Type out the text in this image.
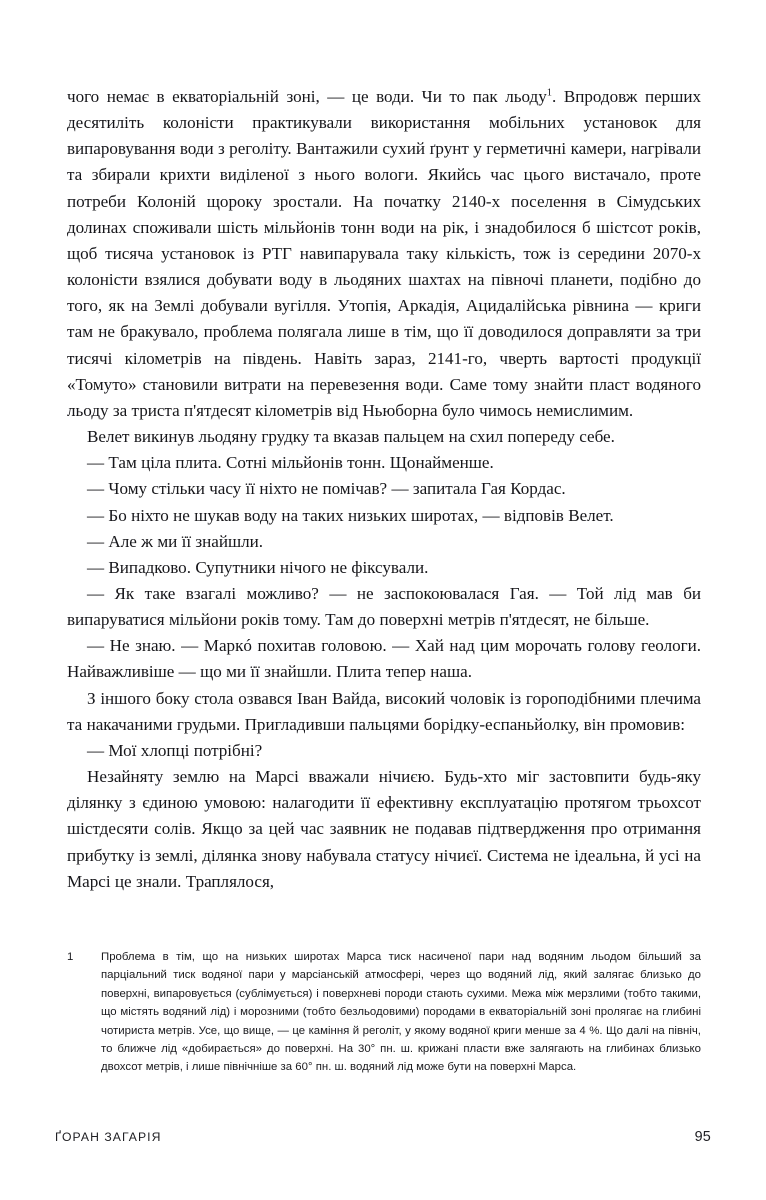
чого немає в екваторіальній зоні, — це води. Чи то пак льоду$^1$. Впродовж перших десятиліть колоністи практикували використання мобільних установок для випаровування води з реголіту. Вантажили сухий ґрунт у герметичні камери, нагрівали та збирали крихти виділеної з нього вологи. Якийсь час цього вистачало, проте потреби Колоній щороку зростали. На початку 2140-х поселення в Сімудських долинах споживали шість мільйонів тонн води на рік, і знадобилося б шістсот років, щоб тисяча установок із РТГ навипарувала таку кількість, тож із середини 2070-х колоністи взялися добувати воду в льодяних шахтах на півночі планети, подібно до того, як на Землі добували вугілля. Утопія, Аркадія, Ацидалійська рівнина — криги там не бракувало, проблема полягала лише в тім, що її доводилося доправляти за три тисячі кілометрів на південь. Навіть зараз, 2141-го, чверть вартості продукції «Томуто» становили витрати на перевезення води. Саме тому знайти пласт водяного льоду за триста п'ятдесят кілометрів від Ньюборна було чимось немислимим.

Велет викинув льодяну грудку та вказав пальцем на схил попереду себе.

— Там ціла плита. Сотні мільйонів тонн. Щонайменше.

— Чому стільки часу її ніхто не помічав? — запитала Гая Кордас.

— Бо ніхто не шукав воду на таких низьких широтах, — відповів Велет.

— Але ж ми її знайшли.

— Випадково. Супутники нічого не фіксували.

— Як таке взагалі можливо? — не заспокоювалася Гая. — Той лід мав би випаруватися мільйони років тому. Там до поверхні метрів п'ятдесят, не більше.

— Не знаю. — Маркó похитав головою. — Хай над цим морочать голову геологи. Найважливіше — що ми її знайшли. Плита тепер наша.

З іншого боку стола озвався Іван Вайда, високий чоловік із гороподібними плечима та накачаними грудьми. Пригладивши пальцями борідку-еспаньйолку, він промовив:

— Мої хлопці потрібні?

Незайняту землю на Марсі вважали нічиєю. Будь-хто міг застовпити будь-яку ділянку з єдиною умовою: налагодити її ефективну експлуатацію протягом трьохсот шістдесяти солів. Якщо за цей час заявник не подавав підтвердження про отримання прибутку із землі, ділянка знову набувала статусу нічиєї. Система не ідеальна, й усі на Марсі це знали. Траплялося,

1	Проблема в тім, що на низьких широтах Марса тиск насиченої пари над водяним льодом більший за парціальний тиск водяної пари у марсіанській атмосфері, через що водяний лід, який залягає близько до поверхні, випаровується (сублімується) і поверхневі породи стають сухими. Межа між мерзлими (тобто такими, що містять водяний лід) і морозними (тобто безльодовими) породами в екваторіальній зоні пролягає на глибині чотириста метрів. Усе, що вище, — це каміння й реголіт, у якому водяної криги менше за 4 %. Що далі на північ, то ближче лід «добирається» до поверхні. На 30° пн. ш. крижані пласти вже залягають на глибинах близько двохсот метрів, і лише північніше за 60° пн. ш. водяний лід може бути на поверхні Марса.

ҐОРАН ЗАГАРІЯ	95
